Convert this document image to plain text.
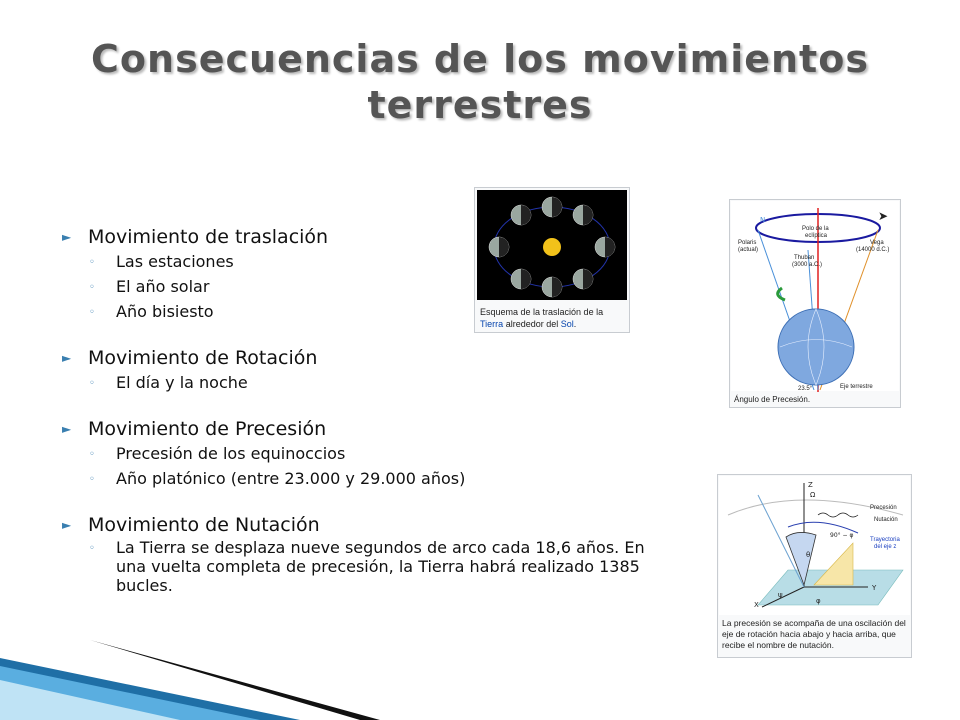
Consecuencias de los movimientos
terrestres
► Movimiento de traslación
◦	Las estaciones
◦	El año solar
◦	Año bisiesto
► Movimiento de Rotación
◦	El día y la noche
► Movimiento de Precesión
◦	Precesión de los equinoccios
◦	Año platónico (entre 23.000 y 29.000 años)
► Movimiento de Nutación
◦	La Tierra se desplaza nueve segundos de arco cada 18,6 años. En una vuelta completa de precesión, la Tierra habrá realizado 1385 bucles.
Esquema de la traslación de la Tierra alrededor del Sol.
➤
N
Polo de la
eclíptica
Polaris
(actual)
Vega
(14000 d.C.)
Thuban
(3000 a.C.)
23.5°	Eje terrestre
Ángulo de Precesión.
Z
X
Y
Ω
θ
φ
ψ
90° − φ
Precesión
Nutación
Trayectoria
del eje z
La precesión se acompaña de una oscilación del eje de rotación hacia abajo y hacia arriba, que recibe el nombre de nutación.
